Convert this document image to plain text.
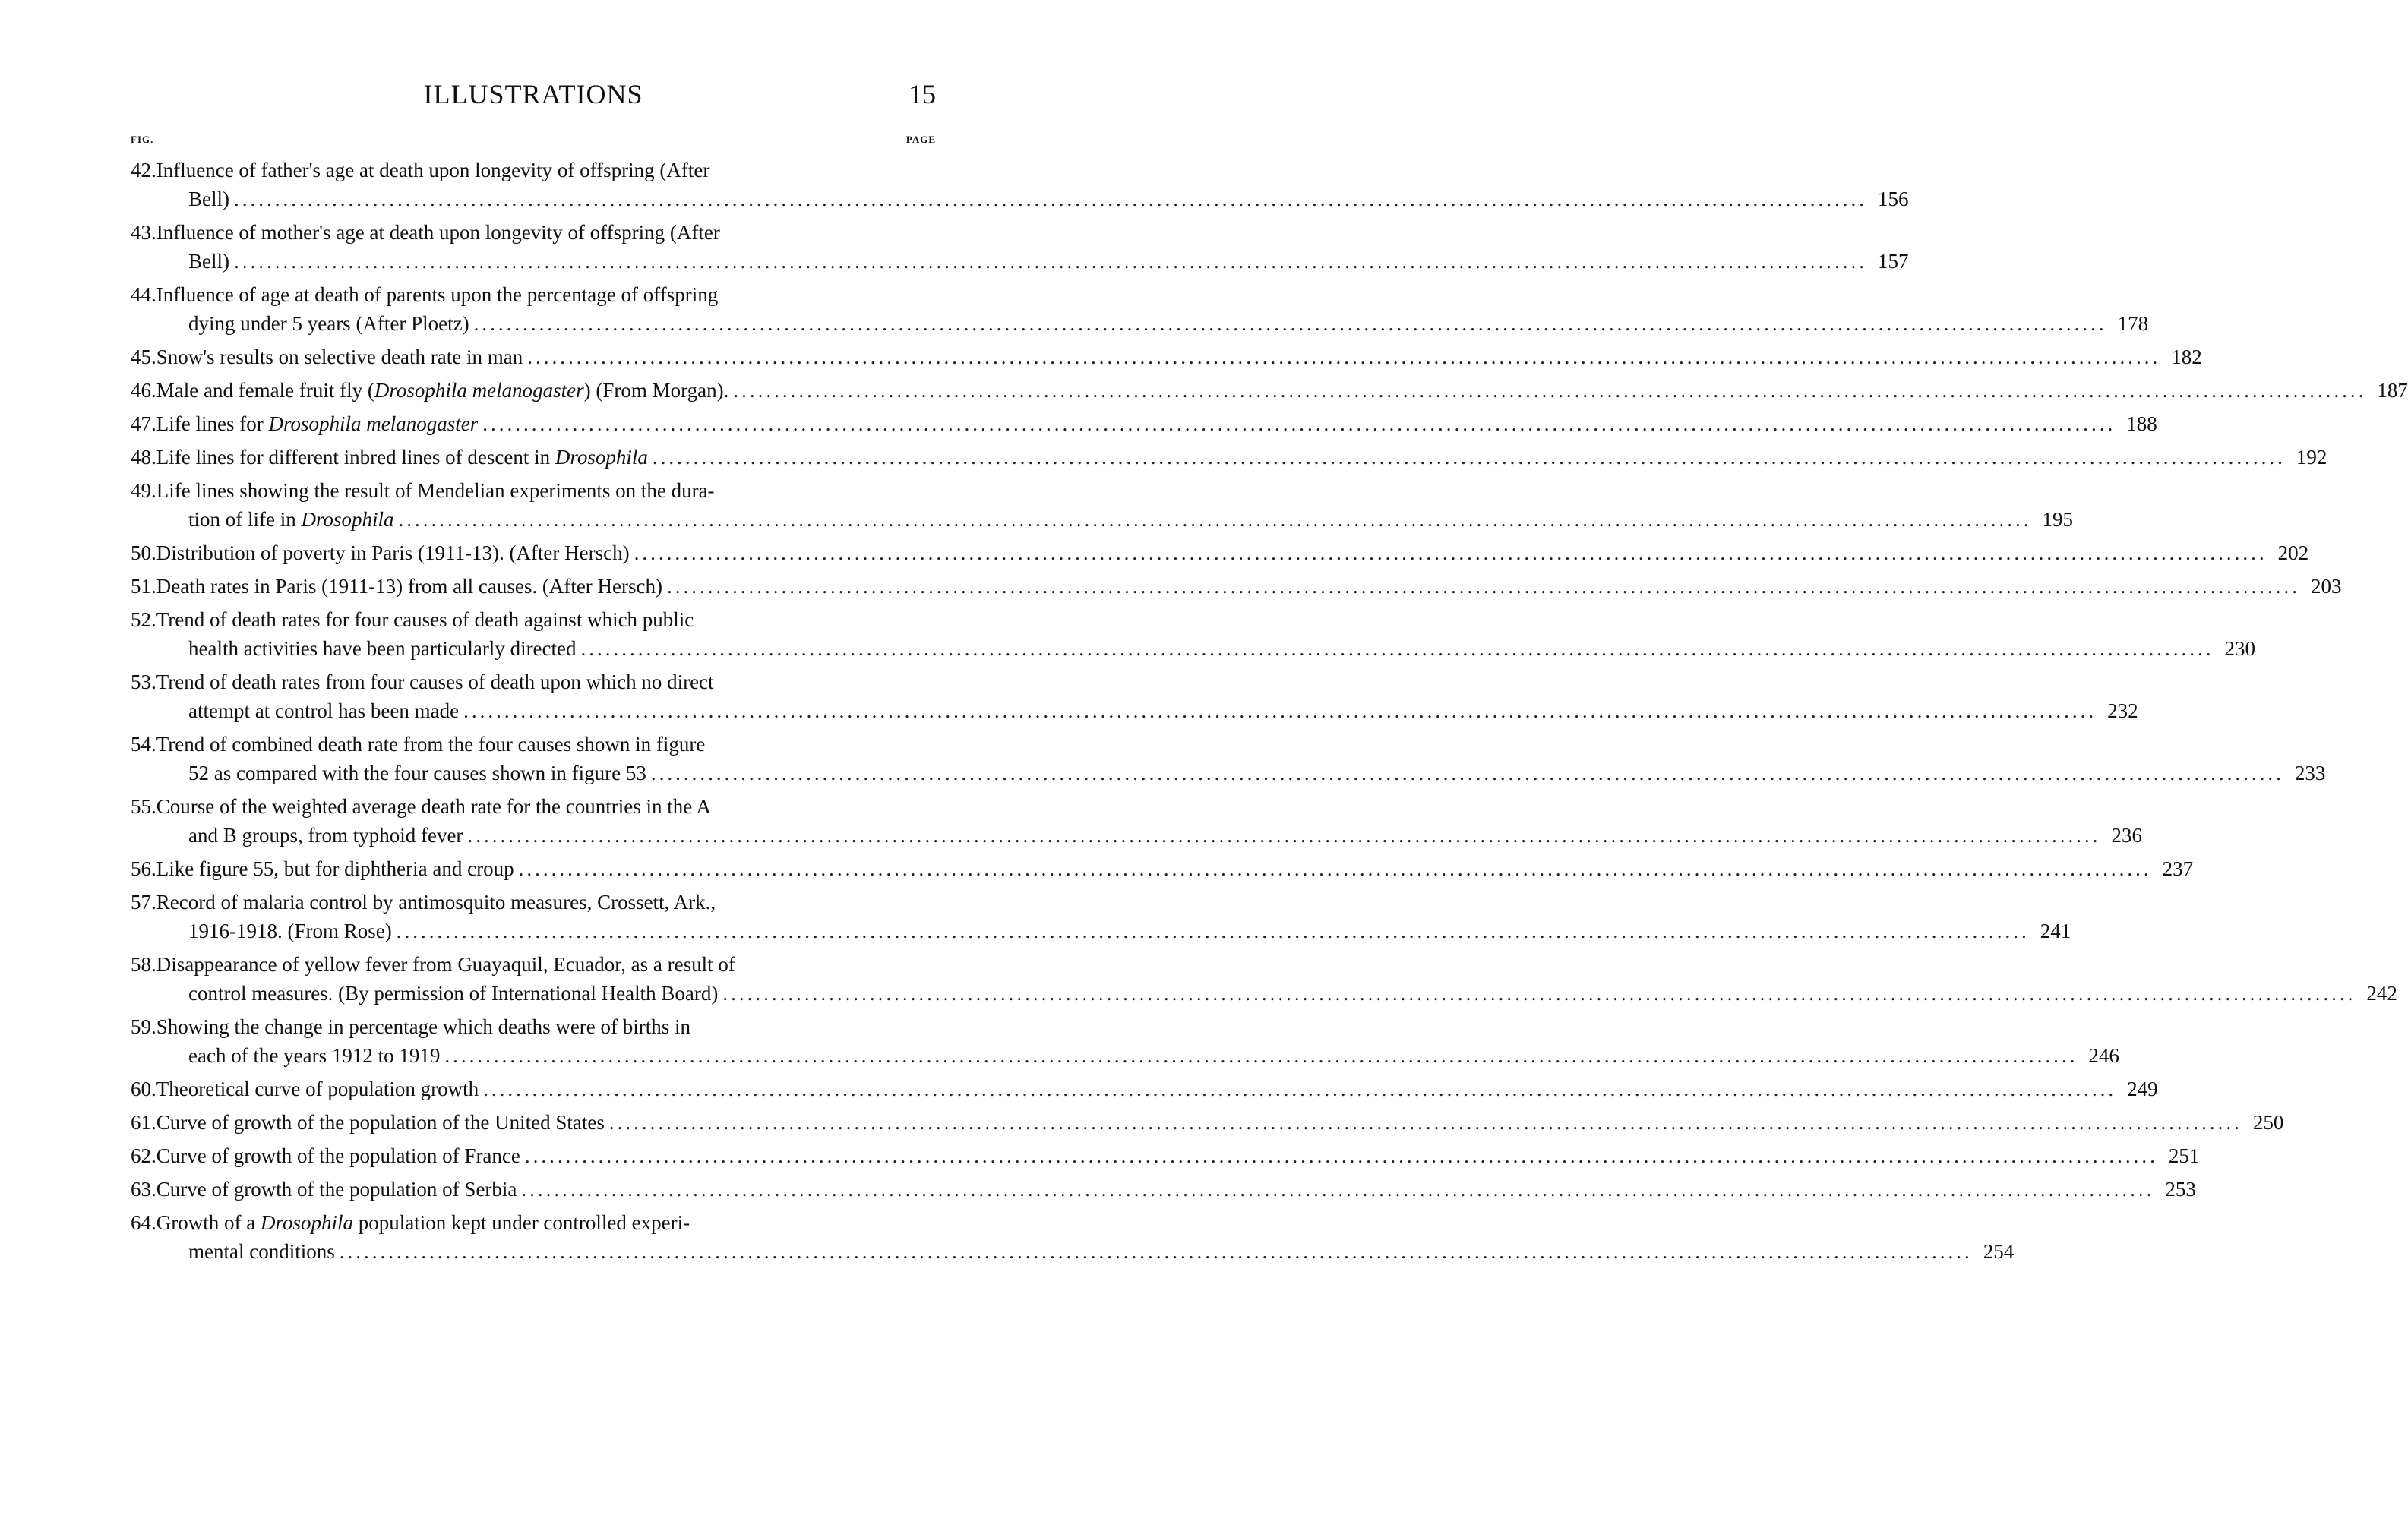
ILLUSTRATIONS	15
FIG.	PAGE
42.Influence of father's age at death upon longevity of offspring (After
Bell) ........................................................................................................................................................................................................ 156
43.Influence of mother's age at death upon longevity of offspring (After
Bell) ........................................................................................................................................................................................................ 157
44.Influence of age at death of parents upon the percentage of offspring
dying under 5 years (After Ploetz) ........................................................................................................................................................................................................ 178
45.Snow's results on selective death rate in man ........................................................................................................................................................................................................ 182
46.Male and female fruit fly (Drosophila melanogaster) (From Morgan). ........................................................................................................................................................................................................ 187
47.Life lines for Drosophila melanogaster ........................................................................................................................................................................................................ 188
48.Life lines for different inbred lines of descent in Drosophila ........................................................................................................................................................................................................ 192
49.Life lines showing the result of Mendelian experiments on the dura-
tion of life in Drosophila ........................................................................................................................................................................................................ 195
50.Distribution of poverty in Paris (1911-13). (After Hersch) ........................................................................................................................................................................................................ 202
51.Death rates in Paris (1911-13) from all causes. (After Hersch) ........................................................................................................................................................................................................ 203
52.Trend of death rates for four causes of death against which public
health activities have been particularly directed ........................................................................................................................................................................................................ 230
53.Trend of death rates from four causes of death upon which no direct
attempt at control has been made ........................................................................................................................................................................................................ 232
54.Trend of combined death rate from the four causes shown in figure
52 as compared with the four causes shown in figure 53 ........................................................................................................................................................................................................ 233
55.Course of the weighted average death rate for the countries in the A
and B groups, from typhoid fever ........................................................................................................................................................................................................ 236
56.Like figure 55, but for diphtheria and croup ........................................................................................................................................................................................................ 237
57.Record of malaria control by antimosquito measures, Crossett, Ark.,
1916-1918. (From Rose) ........................................................................................................................................................................................................ 241
58.Disappearance of yellow fever from Guayaquil, Ecuador, as a result of
control measures. (By permission of International Health Board) ........................................................................................................................................................................................................ 242
59.Showing the change in percentage which deaths were of births in
each of the years 1912 to 1919 ........................................................................................................................................................................................................ 246
60.Theoretical curve of population growth ........................................................................................................................................................................................................ 249
61.Curve of growth of the population of the United States ........................................................................................................................................................................................................ 250
62.Curve of growth of the population of France ........................................................................................................................................................................................................ 251
63.Curve of growth of the population of Serbia ........................................................................................................................................................................................................ 253
64.Growth of a Drosophila population kept under controlled experi-
mental conditions ........................................................................................................................................................................................................ 254
